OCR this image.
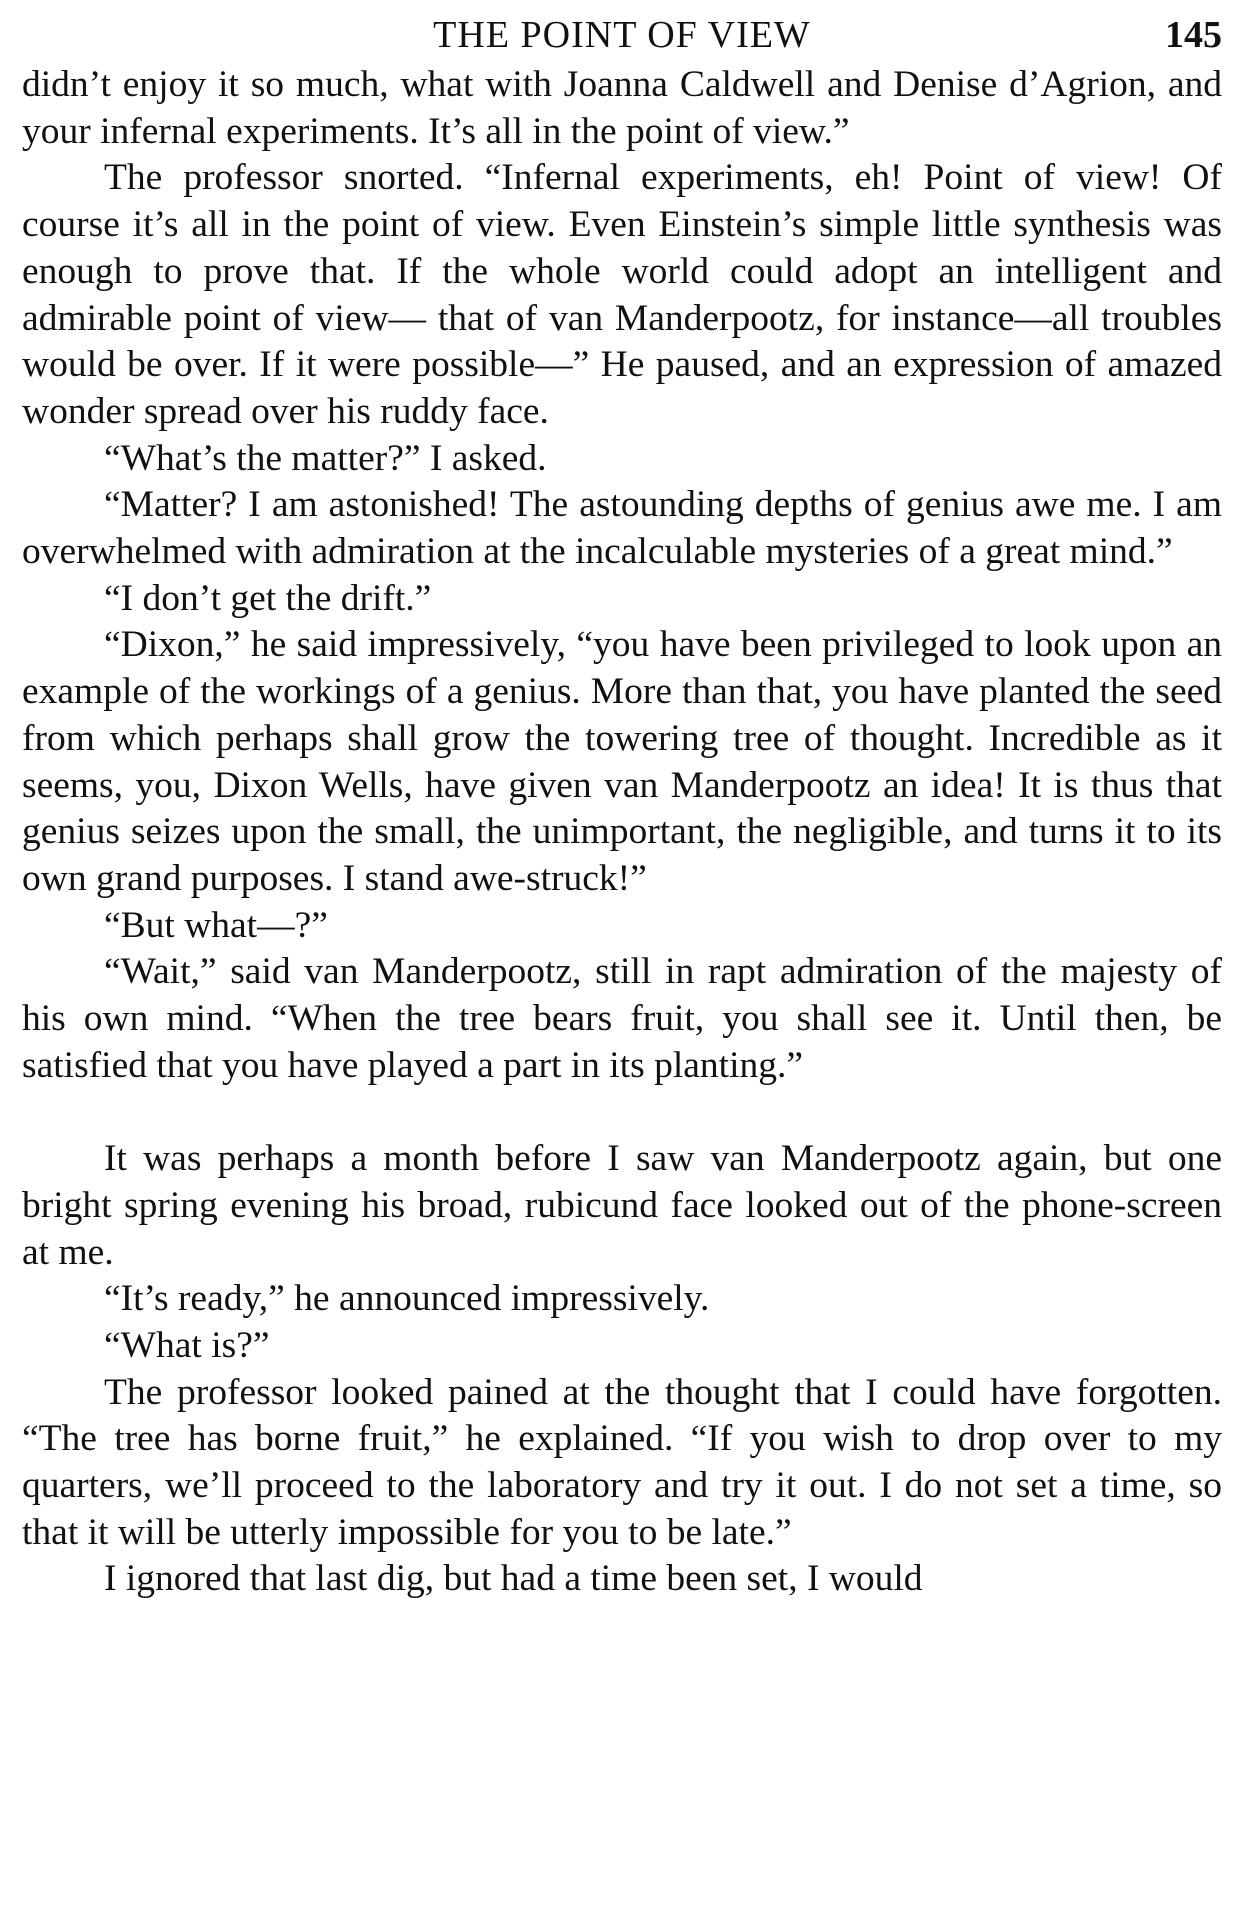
THE POINT OF VIEW	145

didn’t enjoy it so much, what with Joanna Caldwell and Denise d’Agrion, and your infernal experiments. It’s all in the point of view.”

The professor snorted. “Infernal experiments, eh! Point of view! Of course it’s all in the point of view. Even Einstein’s simple little synthesis was enough to prove that. If the whole world could adopt an intelligent and admirable point of view— that of van Manderpootz, for instance—all troubles would be over. If it were possible—” He paused, and an expression of amazed wonder spread over his ruddy face.

“What’s the matter?” I asked.

“Matter? I am astonished! The astounding depths of genius awe me. I am overwhelmed with admiration at the incalculable mysteries of a great mind.”

“I don’t get the drift.”

“Dixon,” he said impressively, “you have been privileged to look upon an example of the workings of a genius. More than that, you have planted the seed from which perhaps shall grow the towering tree of thought. Incredible as it seems, you, Dixon Wells, have given van Manderpootz an idea! It is thus that genius seizes upon the small, the unimportant, the negligible, and turns it to its own grand purposes. I stand awe-struck!”

“But what—?”

“Wait,” said van Manderpootz, still in rapt admiration of the majesty of his own mind. “When the tree bears fruit, you shall see it. Until then, be satisfied that you have played a part in its planting.”

It was perhaps a month before I saw van Manderpootz again, but one bright spring evening his broad, rubicund face looked out of the phone-screen at me.

“It’s ready,” he announced impressively.

“What is?”

The professor looked pained at the thought that I could have forgotten. “The tree has borne fruit,” he explained. “If you wish to drop over to my quarters, we’ll proceed to the laboratory and try it out. I do not set a time, so that it will be utterly impossible for you to be late.”

I ignored that last dig, but had a time been set, I would
